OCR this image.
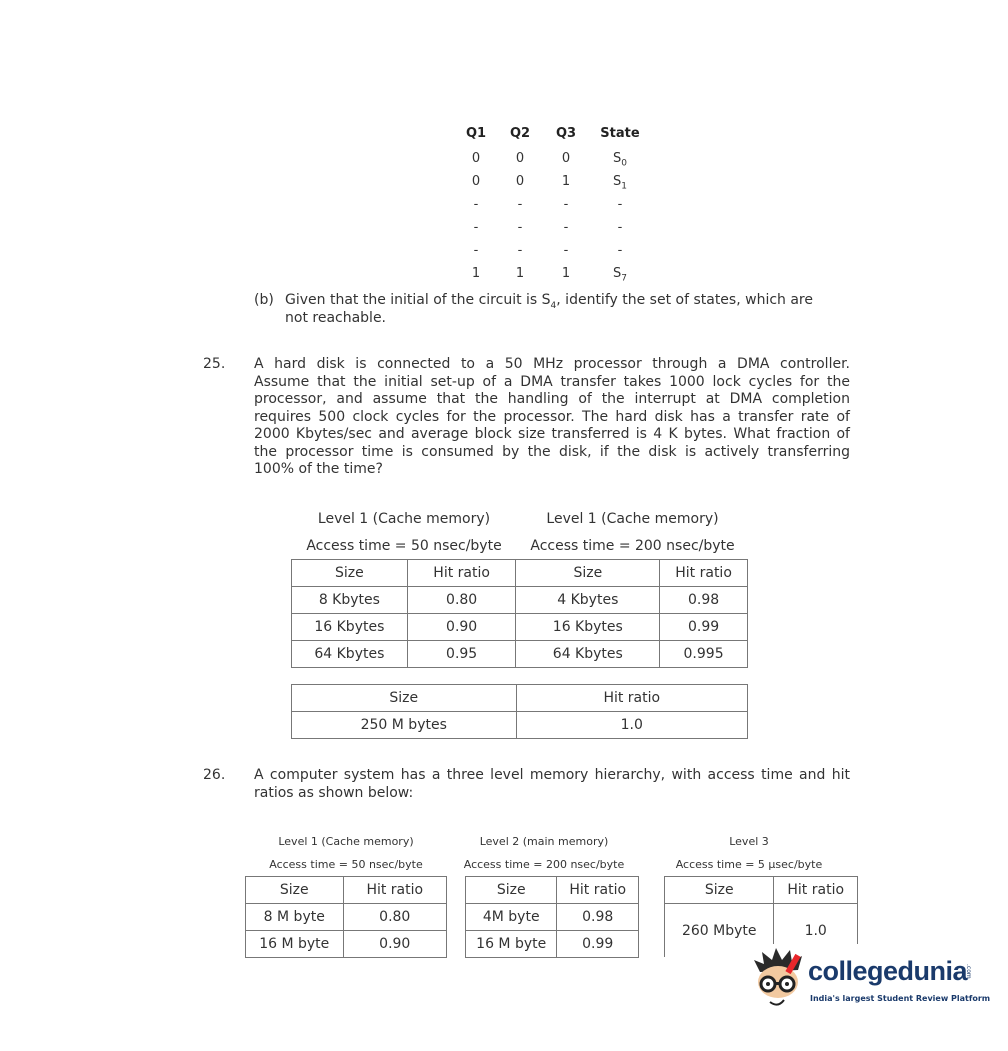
Q1	Q2	Q3	State
0	0	0	$S_0$
0	0	1	$S_1$
-	-	-	-
-	-	-	-
-	-	-	-
1	1	1	$S_7$
(b) Given that the initial of the circuit is $S_4$, identify the set of states, which are
not reachable.
25. A hard disk is connected to a 50 MHz processor through a DMA controller.
Assume that the initial set-up of a DMA transfer takes 1000 lock cycles for the
processor, and assume that the handling of the interrupt at DMA completion
requires 500 clock cycles for the processor. The hard disk has a transfer rate of
2000 Kbytes/sec and average block size transferred is 4 K bytes. What fraction of
the processor time is consumed by the disk, if the disk is actively transferring
100% of the time?
Level 1 (Cache memory)	Level 1 (Cache memory)
Access time = 50 nsec/byte	Access time = 200 nsec/byte
Size	Hit ratio	Size	Hit ratio
8 Kbytes	0.80	4 Kbytes	0.98
16 Kbytes	0.90	16 Kbytes	0.99
64 Kbytes	0.95	64 Kbytes	0.995
Size	Hit ratio
250 M bytes	1.0
26. A computer system has a three level memory hierarchy, with access time and hit
ratios as shown below:
Level 1 (Cache memory)	Level 2 (main memory)	Level 3
Access time = 50 nsec/byte	Access time = 200 nsec/byte	Access time = 5 μsec/byte
Size	Hit ratio
8 M byte	0.80
16 M byte	0.90
Size	Hit ratio
4M byte	0.98
16 M byte	0.99
Size	Hit ratio
260 Mbyte	1.0
collegedunia
.com
India's largest Student Review Platform
